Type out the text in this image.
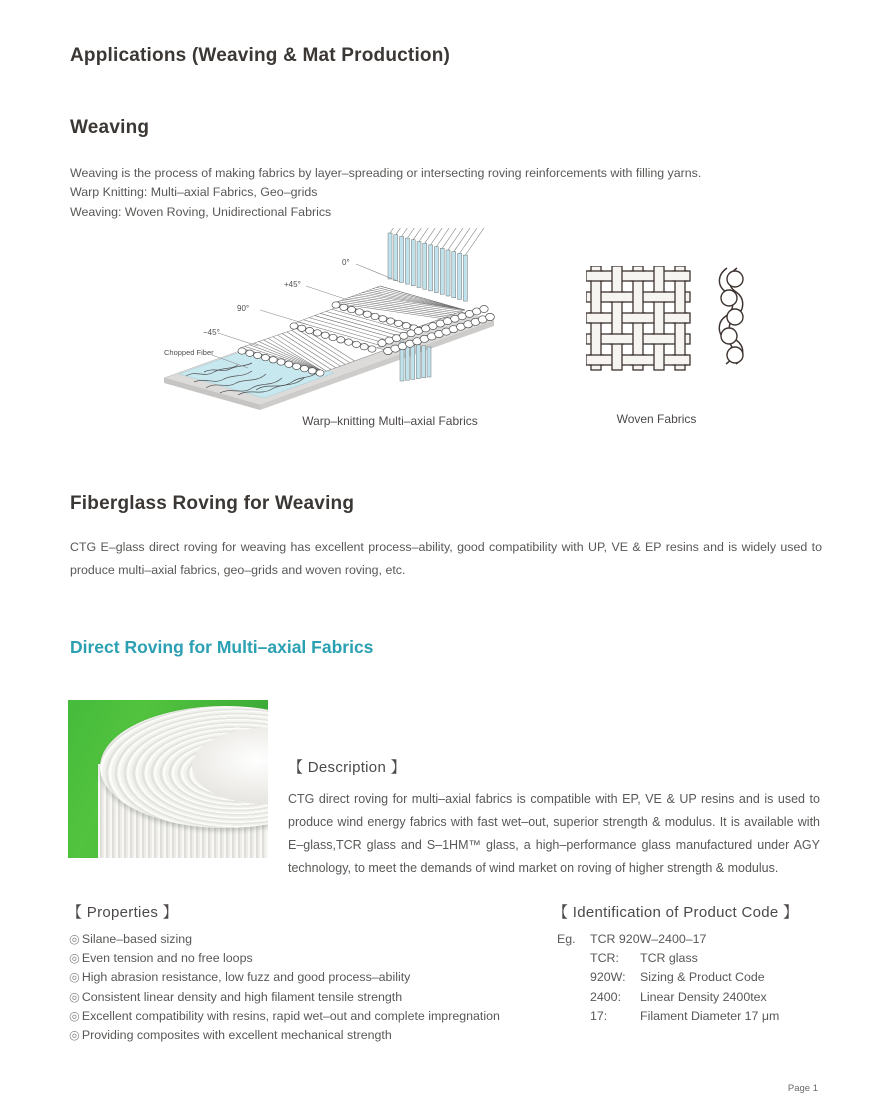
Applications (Weaving & Mat Production)
Weaving
Weaving is the process of making fabrics by layer–spreading or intersecting roving reinforcements with filling yarns.
Warp Knitting: Multi–axial Fabrics, Geo–grids
Weaving: Woven Roving, Unidirectional Fabrics
0°
+45°
90°
−45°
Chopped Fiber
Warp–knitting Multi–axial Fabrics	Woven Fabrics
Fiberglass Roving for Weaving
CTG E–glass direct roving for weaving has excellent process–ability, good compatibility with UP, VE & EP resins and is widely used to produce multi–axial fabrics, geo–grids and woven roving, etc.
Direct Roving for Multi–axial Fabrics
【 Description 】
CTG direct roving for multi–axial fabrics is compatible with EP, VE & UP resins and is used to produce wind energy fabrics with fast wet–out, superior strength & modulus. It is available with E–glass,TCR glass and S–1HM™ glass, a high–performance glass manufactured under AGY technology, to meet the demands of wind market on roving of higher strength & modulus.
【 Properties 】
◎ Silane–based sizing
◎ Even tension and no free loops
◎ High abrasion resistance, low fuzz and good process–ability
◎ Consistent linear density and high filament tensile strength
◎ Excellent compatibility with resins, rapid wet–out and complete impregnation
◎ Providing composites with excellent mechanical strength
【 Identification of Product Code 】
Eg. TCR 920W–2400–17
TCR: TCR glass
920W: Sizing & Product Code
2400: Linear Density 2400tex
17:	Filament Diameter 17 μm
Page 1
